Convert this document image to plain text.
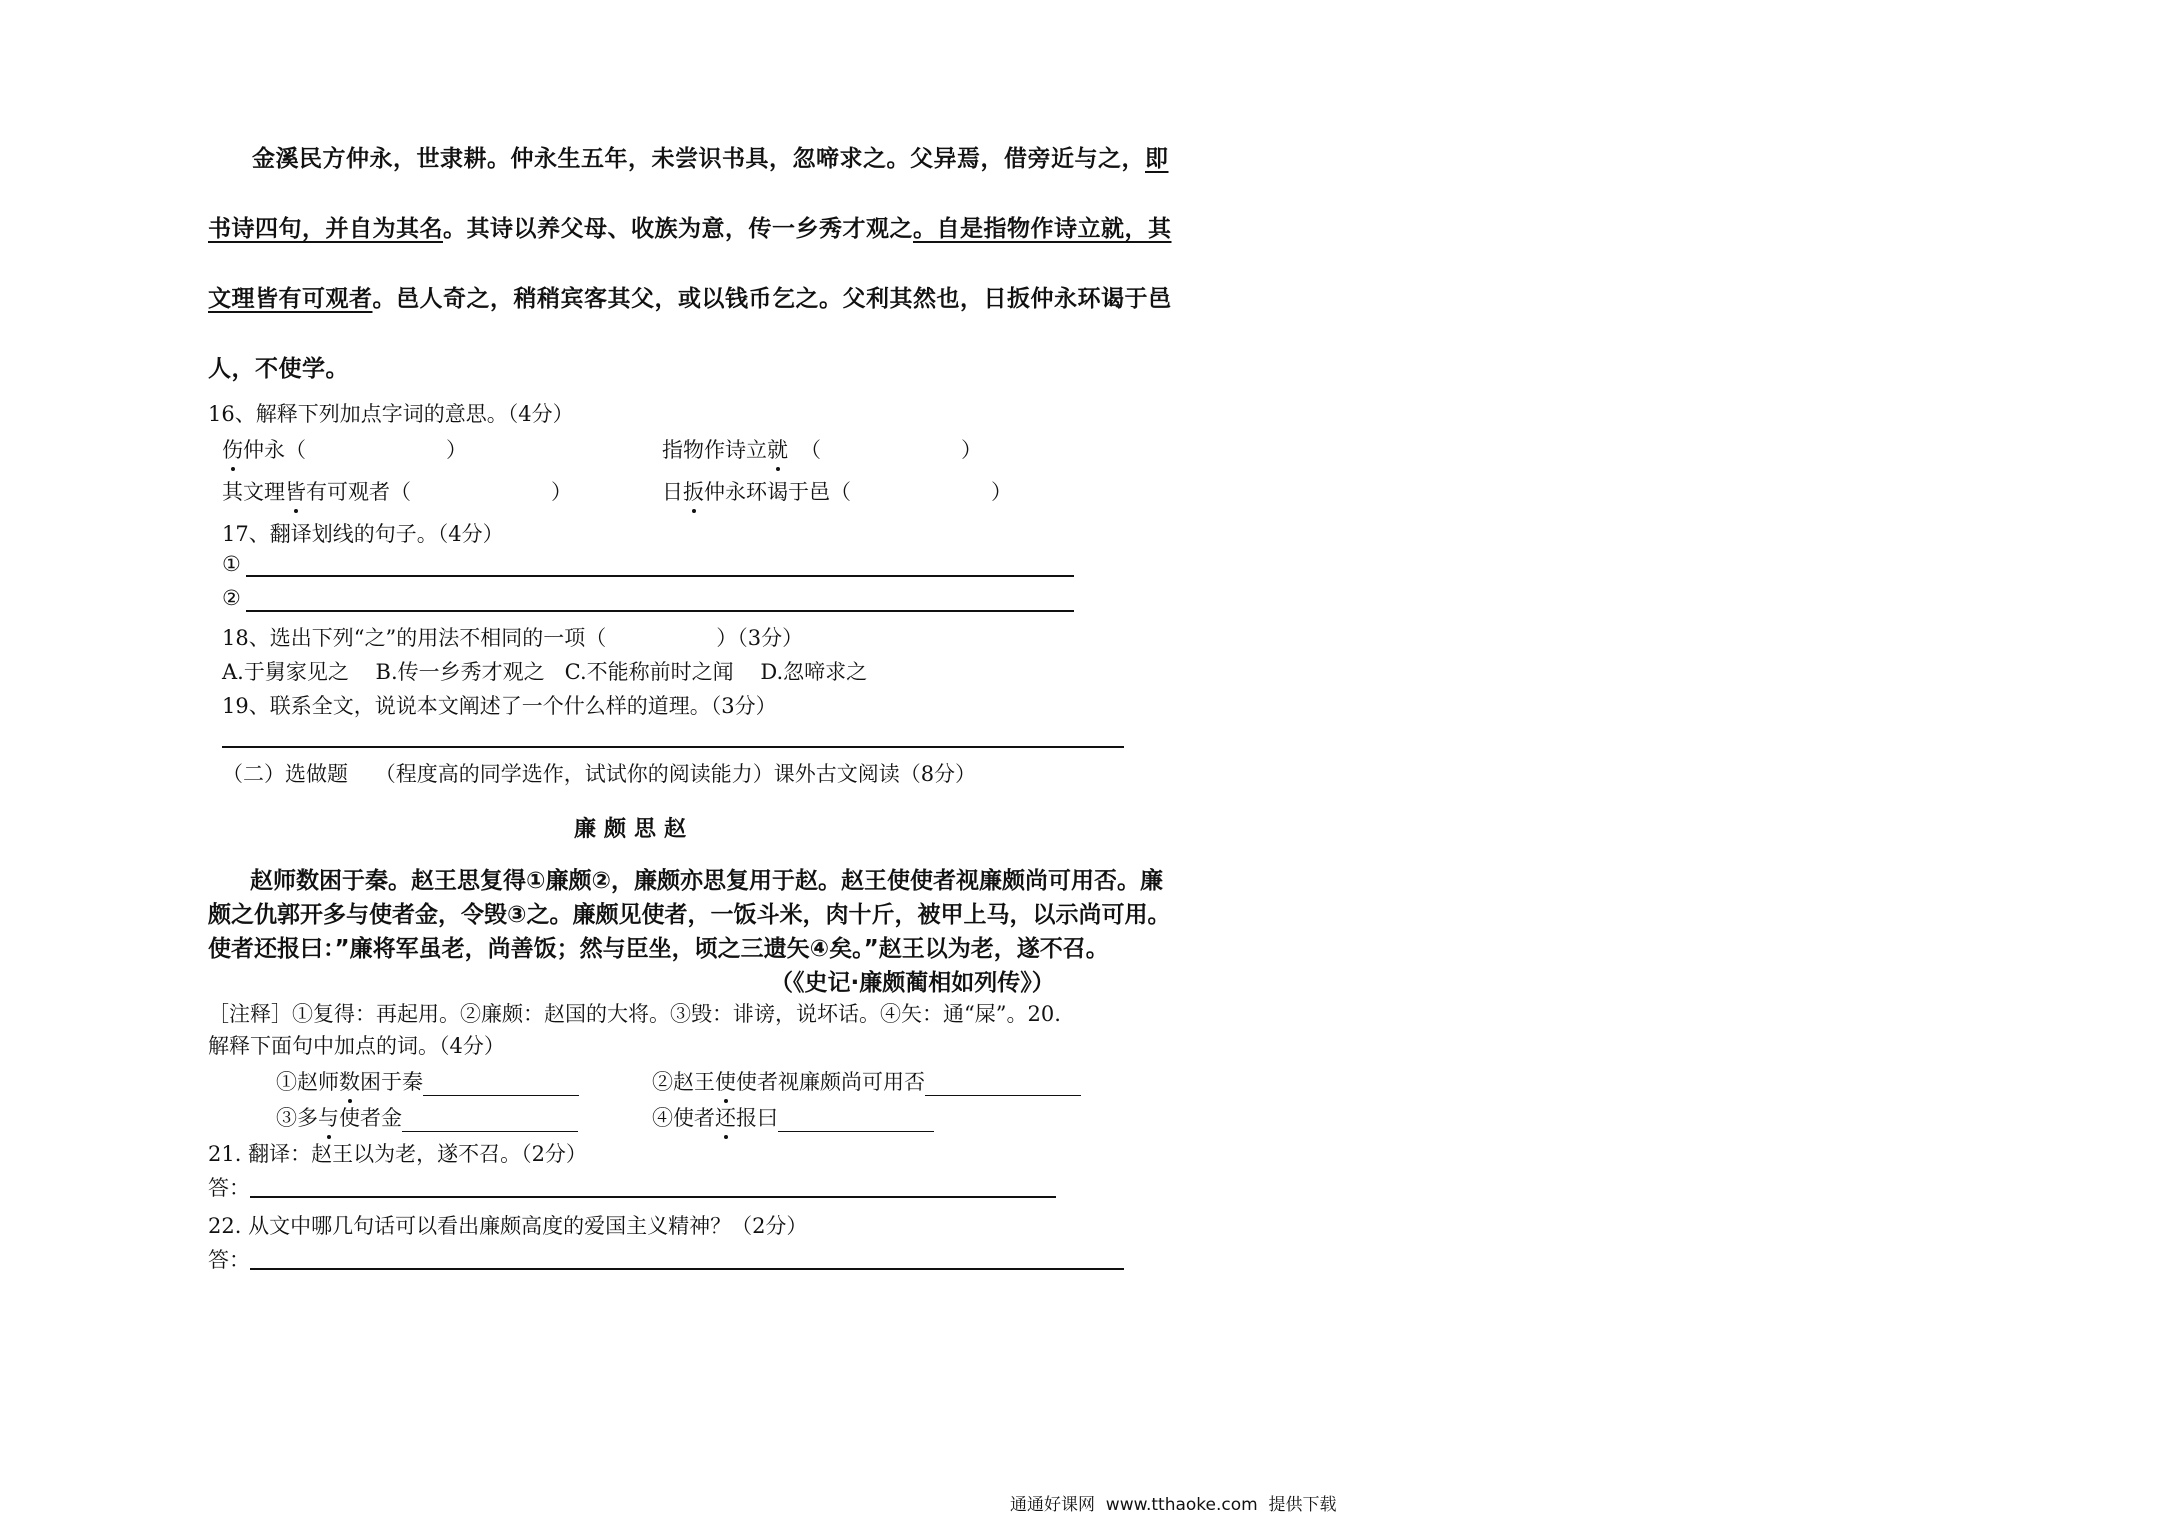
金溪民方仲永，世隶耕。仲永生五年，未尝识书具，忽啼求之。父异焉，借旁近与之，即
书诗四句，并自为其名。其诗以养父母、收族为意，传一乡秀才观之。自是指物作诗立就，其
文理皆有可观者。邑人奇之，稍稍宾客其父，或以钱币乞之。父利其然也，日扳仲永环谒于邑
人，不使学。
16、解释下列加点字词的意思。（4分）
伤仲永（	）	指物作诗立就 （	）
其文理皆有可观者（	）	日扳仲永环谒于邑（	）
17、翻译划线的句子。（4分）
①
②
18、选出下列“之”的用法不相同的一项（	）（3分）
A.于舅家见之    B.传一乡秀才观之   C.不能称前时之闻    D.忽啼求之
19、联系全文，说说本文阐述了一个什么样的道理。（3分）
（二）选做题    （程度高的同学选作，试试你的阅读能力）课外古文阅读（8分）
廉颇思赵
赵师数困于秦。赵王思复得①廉颇②，廉颇亦思复用于赵。赵王使使者视廉颇尚可用否。廉
颇之仇郭开多与使者金，令毁③之。廉颇见使者，一饭斗米，肉十斤，被甲上马，以示尚可用。
使者还报曰：”廉将军虽老，尚善饭；然与臣坐，顷之三遗矢④矣。”赵王以为老，遂不召。
（《史记·廉颇蔺相如列传》）
［注释］①复得：再起用。②廉颇：赵国的大将。③毁：诽谤，说坏话。④矢：通“屎”。20.
解释下面句中加点的词。（4分）
①赵师数困于秦	②赵王使使者视廉颇尚可用否
③多与使者金	④使者还报曰
21. 翻译：赵王以为老，遂不召。（2分）
答：
22. 从文中哪几句话可以看出廉颇高度的爱国主义精神？（2分）
答：
通通好课网  www.tthaoke.com  提供下载
